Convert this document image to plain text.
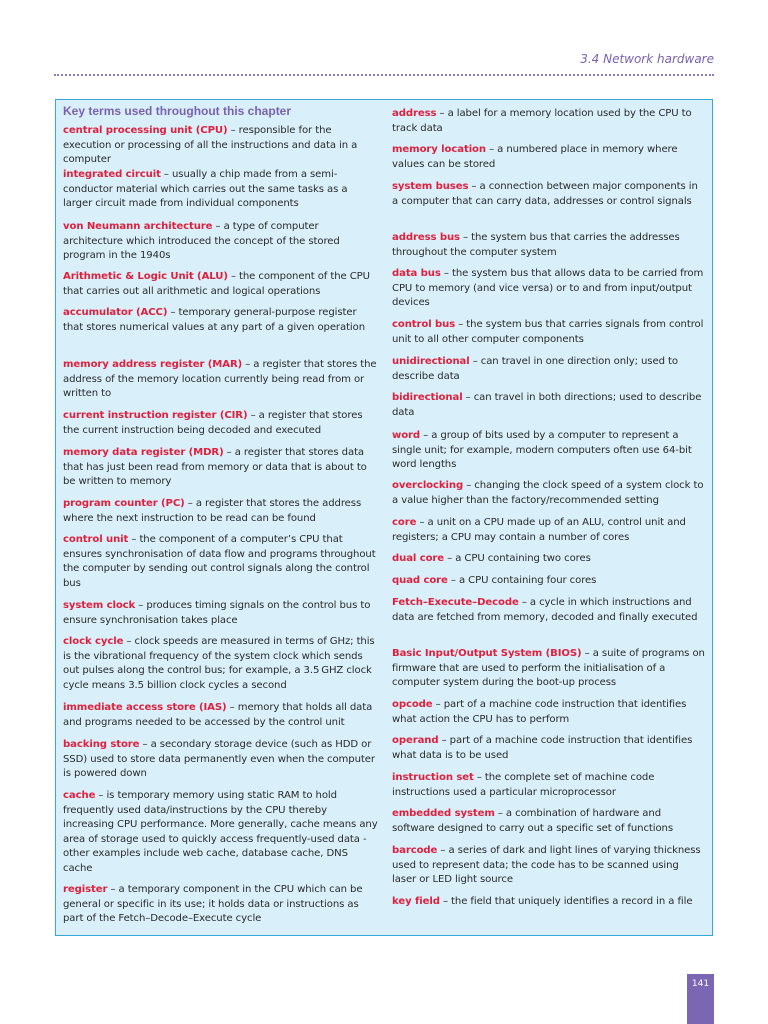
3.4 Network hardware
Key terms used throughout this chapter
central processing unit (CPU) – responsible for the execution or processing of all the instructions and data in a computer
integrated circuit – usually a chip made from a semi-conductor material which carries out the same tasks as a larger circuit made from individual components
von Neumann architecture – a type of computer architecture which introduced the concept of the stored program in the 1940s
Arithmetic & Logic Unit (ALU) – the component of the CPU that carries out all arithmetic and logical operations
accumulator (ACC) – temporary general-purpose register that stores numerical values at any part of a given operation
memory address register (MAR) – a register that stores the address of the memory location currently being read from or written to
current instruction register (CIR) – a register that stores the current instruction being decoded and executed
memory data register (MDR) – a register that stores data that has just been read from memory or data that is about to be written to memory
program counter (PC) – a register that stores the address where the next instruction to be read can be found
control unit – the component of a computer’s CPU that ensures synchronisation of data flow and programs throughout the computer by sending out control signals along the control bus
system clock – produces timing signals on the control bus to ensure synchronisation takes place
clock cycle – clock speeds are measured in terms of GHz; this is the vibrational frequency of the system clock which sends out pulses along the control bus; for example, a 3.5 GHZ clock cycle means 3.5 billion clock cycles a second
immediate access store (IAS) – memory that holds all data and programs needed to be accessed by the control unit
backing store – a secondary storage device (such as HDD or SSD) used to store data permanently even when the computer is powered down
cache – is temporary memory using static RAM to hold frequently used data/instructions by the CPU thereby increasing CPU performance. More generally, cache means any area of storage used to quickly access frequently-used data - other examples include web cache, database cache, DNS cache
register – a temporary component in the CPU which can be general or specific in its use; it holds data or instructions as part of the Fetch–Decode–Execute cycle
address – a label for a memory location used by the CPU to track data
memory location – a numbered place in memory where values can be stored
system buses – a connection between major components in a computer that can carry data, addresses or control signals
address bus – the system bus that carries the addresses throughout the computer system
data bus – the system bus that allows data to be carried from CPU to memory (and vice versa) or to and from input/output devices
control bus – the system bus that carries signals from control unit to all other computer components
unidirectional – can travel in one direction only; used to describe data
bidirectional – can travel in both directions; used to describe data
word – a group of bits used by a computer to represent a single unit; for example, modern computers often use 64-bit word lengths
overclocking – changing the clock speed of a system clock to a value higher than the factory/recommended setting
core – a unit on a CPU made up of an ALU, control unit and registers; a CPU may contain a number of cores
dual core – a CPU containing two cores
quad core – a CPU containing four cores
Fetch–Execute–Decode – a cycle in which instructions and data are fetched from memory, decoded and finally executed
Basic Input/Output System (BIOS) – a suite of programs on firmware that are used to perform the initialisation of a computer system during the boot-up process
opcode – part of a machine code instruction that identifies what action the CPU has to perform
operand – part of a machine code instruction that identifies what data is to be used
instruction set – the complete set of machine code instructions used a particular microprocessor
embedded system – a combination of hardware and software designed to carry out a specific set of functions
barcode – a series of dark and light lines of varying thickness used to represent data; the code has to be scanned using laser or LED light source
key field – the field that uniquely identifies a record in a file
141
